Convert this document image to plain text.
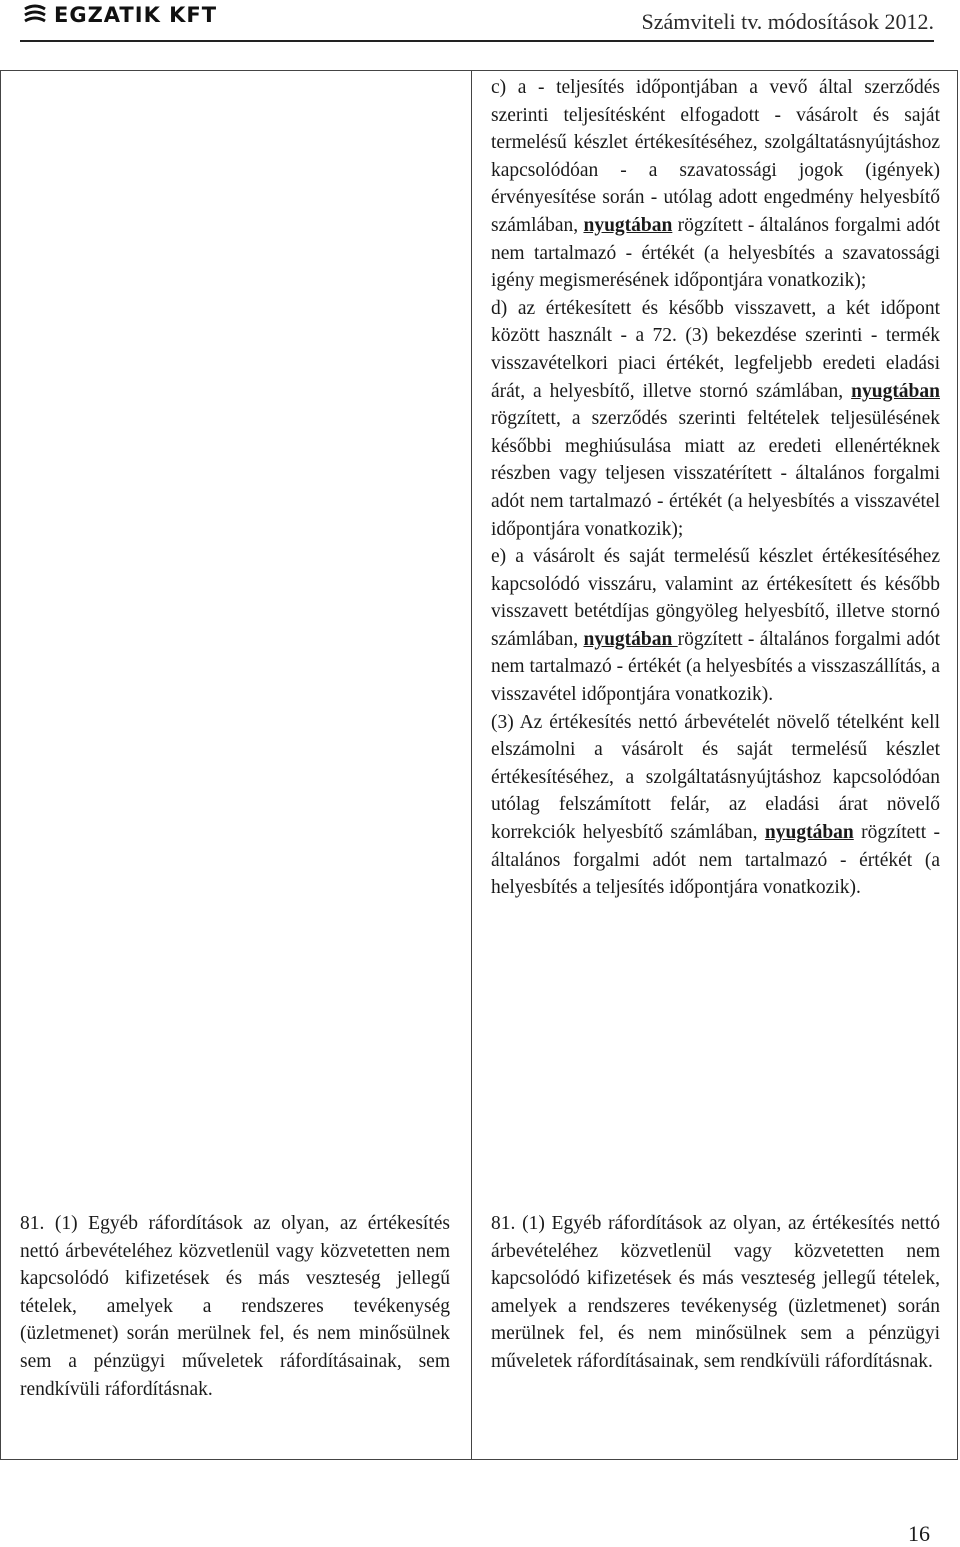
EGZATIK KFT	Számviteli tv. módosítások 2012.

c) a - teljesítés időpontjában a vevő által szerződés szerinti teljesítésként elfogadott - vásárolt és saját termelésű készlet értékesítéséhez, szolgáltatásnyújtáshoz kapcsolódóan - a szavatossági jogok (igények) érvényesítése során - utólag adott engedmény helyesbítő számlában, nyugtában rögzített - általános forgalmi adót nem tartalmazó - értékét (a helyesbítés a szavatossági igény megismerésének időpontjára vonatkozik);

d) az értékesített és később visszavett, a két időpont között használt - a 72. (3) bekezdése szerinti - termék visszavételkori piaci értékét, legfeljebb eredeti eladási árát, a helyesbítő, illetve stornó számlában, nyugtában rögzített, a szerződés szerinti feltételek teljesülésének későbbi meghiúsulása miatt az eredeti ellenértéknek részben vagy teljesen visszatérített - általános forgalmi adót nem tartalmazó - értékét (a helyesbítés a visszavétel időpontjára vonatkozik);

e) a vásárolt és saját termelésű készlet értékesítéséhez kapcsolódó visszáru, valamint az értékesített és később visszavett betétdíjas göngyöleg helyesbítő, illetve stornó számlában, nyugtában rögzített - általános forgalmi adót nem tartalmazó - értékét (a helyesbítés a visszaszállítás, a visszavétel időpontjára vonatkozik).

(3) Az értékesítés nettó árbevételét növelő tételként kell elszámolni a vásárolt és saját termelésű készlet értékesítéséhez, a szolgáltatásnyújtáshoz kapcsolódóan utólag felszámított felár, az eladási árat növelő korrekciók helyesbítő számlában, nyugtában rögzített - általános forgalmi adót nem tartalmazó - értékét (a helyesbítés a teljesítés időpontjára vonatkozik).

81. (1) Egyéb ráfordítások az olyan, az értékesítés nettó árbevételéhez közvetlenül vagy közvetetten nem kapcsolódó kifizetések és más veszteség jellegű tételek, amelyek a rendszeres tevékenység (üzletmenet) során merülnek fel, és nem minősülnek sem a pénzügyi műveletek ráfordításainak, sem rendkívüli ráfordításnak.

81. (1) Egyéb ráfordítások az olyan, az értékesítés nettó árbevételéhez közvetlenül vagy közvetetten nem kapcsolódó kifizetések és más veszteség jellegű tételek, amelyek a rendszeres tevékenység (üzletmenet) során merülnek fel, és nem minősülnek sem a pénzügyi műveletek ráfordításainak, sem rendkívüli ráfordításnak.

16
